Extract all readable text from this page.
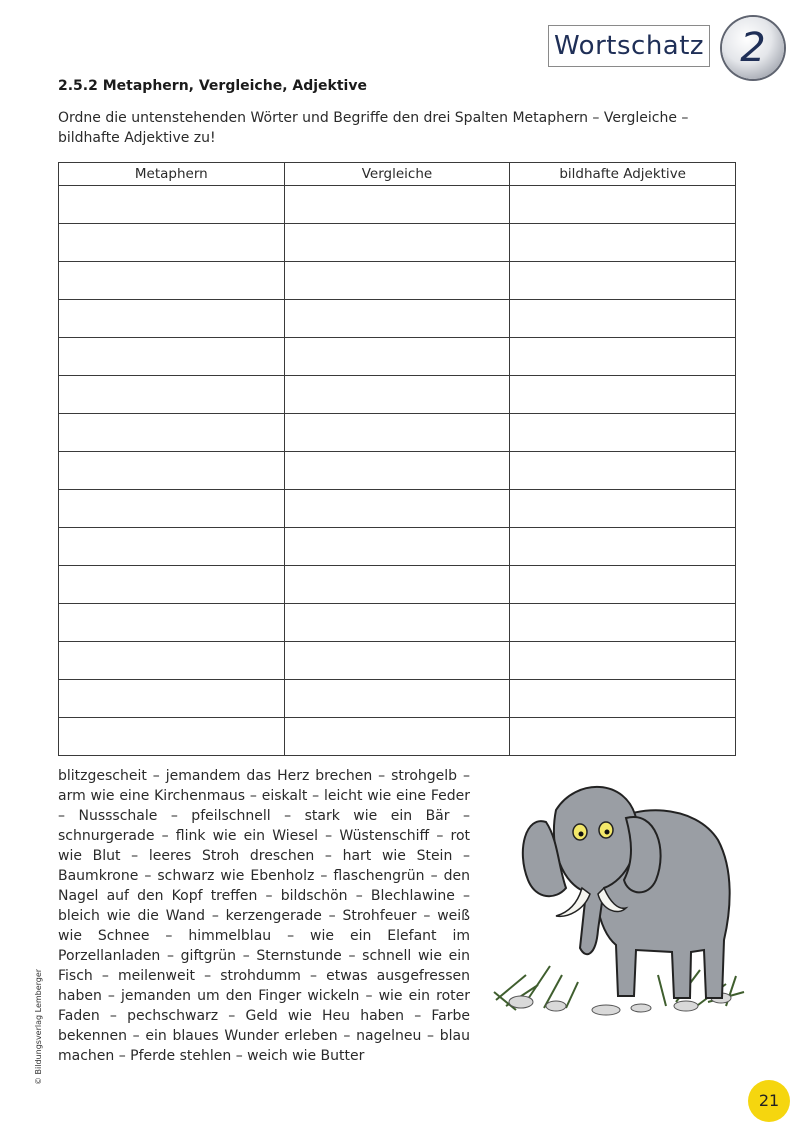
Wortschatz 2
2.5.2 Metaphern, Vergleiche, Adjektive
Ordne die untenstehenden Wörter und Begriffe den drei Spalten Metaphern – Vergleiche – bildhafte Adjektive zu!
Metaphern	Vergleiche	bildhafte Adjektive

blitzgescheit – jemandem das Herz brechen – strohgelb – arm wie eine Kirchenmaus – eiskalt – leicht wie eine Feder – Nussschale – pfeilschnell – stark wie ein Bär – schnurgerade – flink wie ein Wiesel – Wüstenschiff – rot wie Blut – leeres Stroh dreschen – hart wie Stein – Baumkrone – schwarz wie Ebenholz – flaschengrün – den Nagel auf den Kopf treffen – bildschön – Blechlawine – bleich wie die Wand – kerzengerade – Strohfeuer – weiß wie Schnee – himmelblau – wie ein Elefant im Porzellanladen – giftgrün – Sternstunde – schnell wie ein Fisch – meilenweit – strohdumm – etwas ausgefressen haben – jemanden um den Finger wickeln – wie ein roter Faden – pechschwarz – Geld wie Heu haben – Farbe bekennen – ein blaues Wunder erleben – nagelneu – blau machen – Pferde stehlen – weich wie Butter
© Bildungsverlag Lemberger
21
